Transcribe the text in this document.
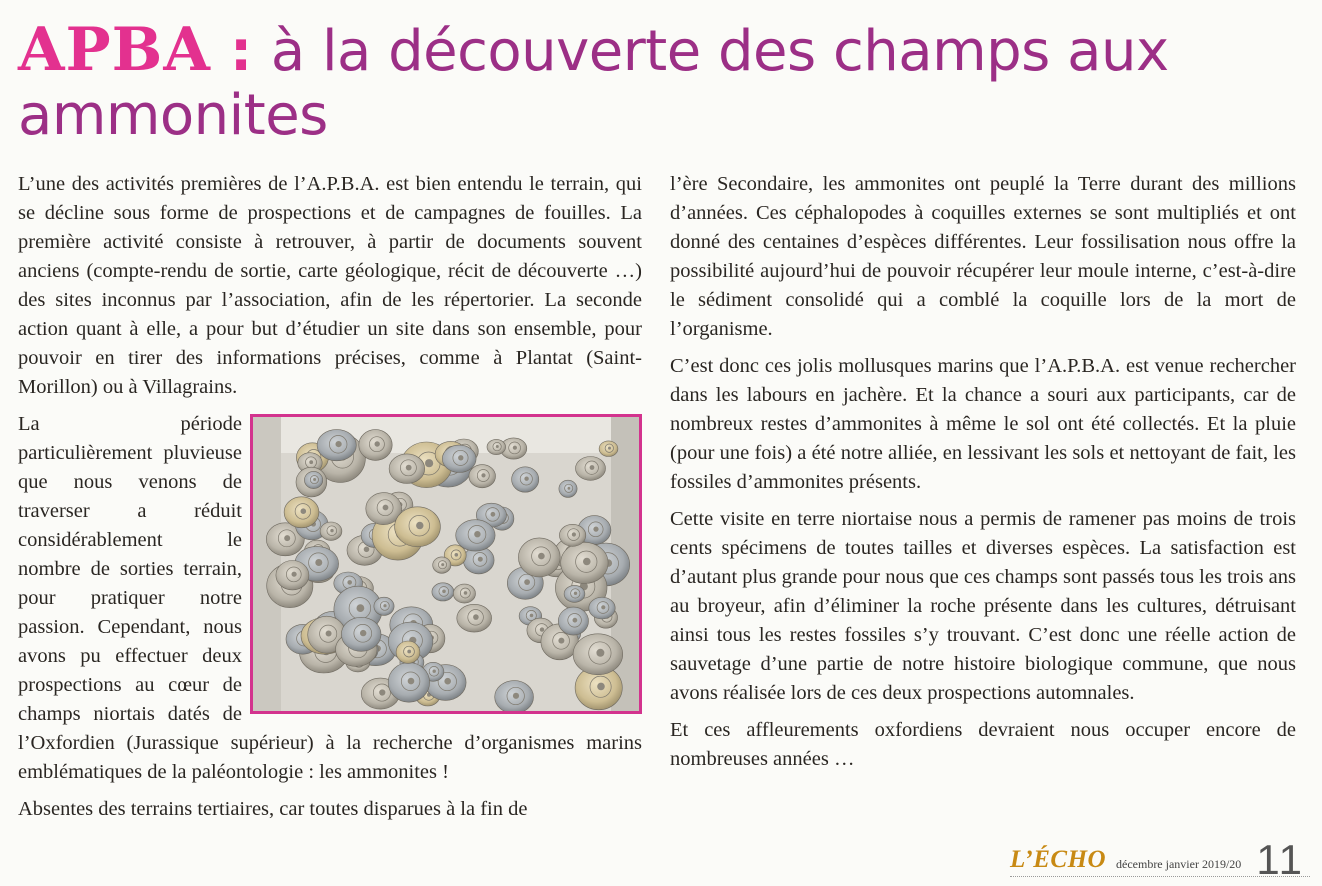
APBA : à la découverte des champs aux ammonites

L’une des activités premières de l’A.P.B.A. est bien entendu le terrain, qui se décline sous forme de prospections et de campagnes de fouilles. La première activité consiste à retrouver, à partir de documents souvent anciens (compte-rendu de sortie, carte géologique, récit de découverte …) des sites inconnus par l’association, afin de les répertorier. La seconde action quant à elle, a pour but d’étudier un site dans son ensemble, pour pouvoir en tirer des informations précises, comme à Plantat (Saint-Morillon) ou à Villagrains.

La période particulièrement pluvieuse que nous venons de traverser a réduit considérablement le nombre de sorties terrain, pour pratiquer notre passion. Cependant, nous avons pu effectuer deux prospections au cœur de champs niortais datés de l’Oxfordien (Jurassique supérieur) à la recherche d’organismes marins emblématiques de la paléontologie : les ammonites !

Absentes des terrains tertiaires, car toutes disparues à la fin de

l’ère Secondaire, les ammonites ont peuplé la Terre durant des millions d’années. Ces céphalopodes à coquilles externes se sont multipliés et ont donné des centaines d’espèces différentes. Leur fossilisation nous offre la possibilité aujourd’hui de pouvoir récupérer leur moule interne, c’est-à-dire le sédiment consolidé qui a comblé la coquille lors de la mort de l’organisme.

C’est donc ces jolis mollusques marins que l’A.P.B.A. est venue rechercher dans les labours en jachère. Et la chance a souri aux participants, car de nombreux restes d’ammonites à même le sol ont été collectés. Et la pluie (pour une fois) a été notre alliée, en lessivant les sols et nettoyant de fait, les fossiles d’ammonites présents.

Cette visite en terre niortaise nous a permis de ramener pas moins de trois cents spécimens de toutes tailles et diverses espèces. La satisfaction est d’autant plus grande pour nous que ces champs sont passés tous les trois ans au broyeur, afin d’éliminer la roche présente dans les cultures, détruisant ainsi tous les restes fossiles s’y trouvant. C’est donc une réelle action de sauvetage d’une partie de notre histoire biologique commune, que nous avons réalisée lors de ces deux prospections automnales.

Et ces affleurements oxfordiens devraient nous occuper encore de nombreuses années …

L’ÉCHO décembre janvier 2019/20 11
